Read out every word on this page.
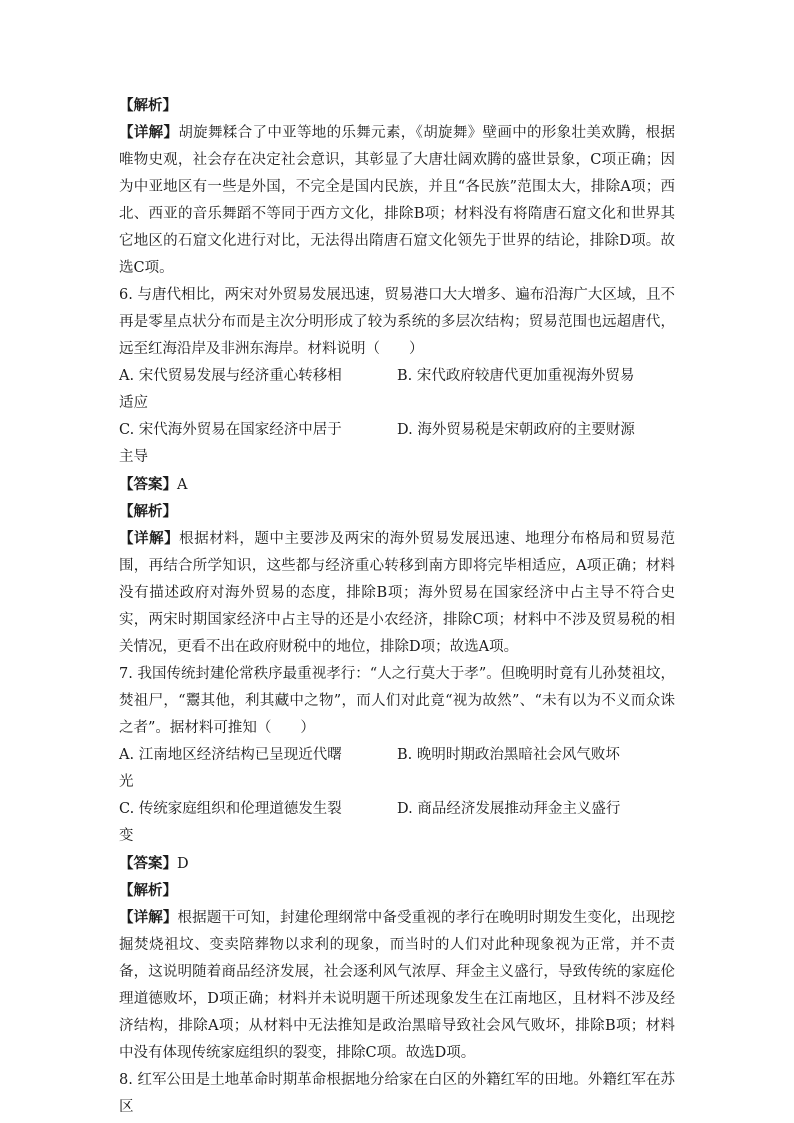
【解析】
【详解】胡旋舞糅合了中亚等地的乐舞元素，《胡旋舞》壁画中的形象壮美欢腾，根据唯物史观，社会存在决定社会意识，其彰显了大唐壮阔欢腾的盛世景象，C项正确；因为中亚地区有一些是外国，不完全是国内民族，并且“各民族”范围太大，排除A项；西北、西亚的音乐舞蹈不等同于西方文化，排除B项；材料没有将隋唐石窟文化和世界其它地区的石窟文化进行对比，无法得出隋唐石窟文化领先于世界的结论，排除D项。故选C项。
6. 与唐代相比，两宋对外贸易发展迅速，贸易港口大大增多、遍布沿海广大区域，且不再是零星点状分布而是主次分明形成了较为系统的多层次结构；贸易范围也远超唐代，远至红海沿岸及非洲东海岸。材料说明（　　）
A. 宋代贸易发展与经济重心转移相适应
B. 宋代政府较唐代更加重视海外贸易
C. 宋代海外贸易在国家经济中居于主导
D. 海外贸易税是宋朝政府的主要财源
【答案】A
【解析】
【详解】根据材料，题中主要涉及两宋的海外贸易发展迅速、地理分布格局和贸易范围，再结合所学知识，这些都与经济重心转移到南方即将完毕相适应，A项正确；材料没有描述政府对海外贸易的态度，排除B项；海外贸易在国家经济中占主导不符合史实，两宋时期国家经济中占主导的还是小农经济，排除C项；材料中不涉及贸易税的相关情况，更看不出在政府财税中的地位，排除D项；故选A项。
7. 我国传统封建伦常秩序最重视孝行：“人之行莫大于孝”。但晚明时竟有儿孙焚祖坟，焚祖尸，“鬻其他，利其藏中之物”，而人们对此竟“视为故然”、“未有以为不义而众诛之者”。据材料可推知（　　）
A. 江南地区经济结构已呈现近代曙光
B. 晚明时期政治黑暗社会风气败坏
C. 传统家庭组织和伦理道德发生裂变
D. 商品经济发展推动拜金主义盛行
【答案】D
【解析】
【详解】根据题干可知，封建伦理纲常中备受重视的孝行在晚明时期发生变化，出现挖掘焚烧祖坟、变卖陪葬物以求利的现象，而当时的人们对此种现象视为正常，并不责备，这说明随着商品经济发展，社会逐利风气浓厚、拜金主义盛行，导致传统的家庭伦理道德败坏，D项正确；材料并未说明题干所述现象发生在江南地区，且材料不涉及经济结构，排除A项；从材料中无法推知是政治黑暗导致社会风气败坏，排除B项；材料中没有体现传统家庭组织的裂变，排除C项。故选D项。
8. 红军公田是土地革命时期革命根据地分给家在白区的外籍红军的田地。外籍红军在苏区
